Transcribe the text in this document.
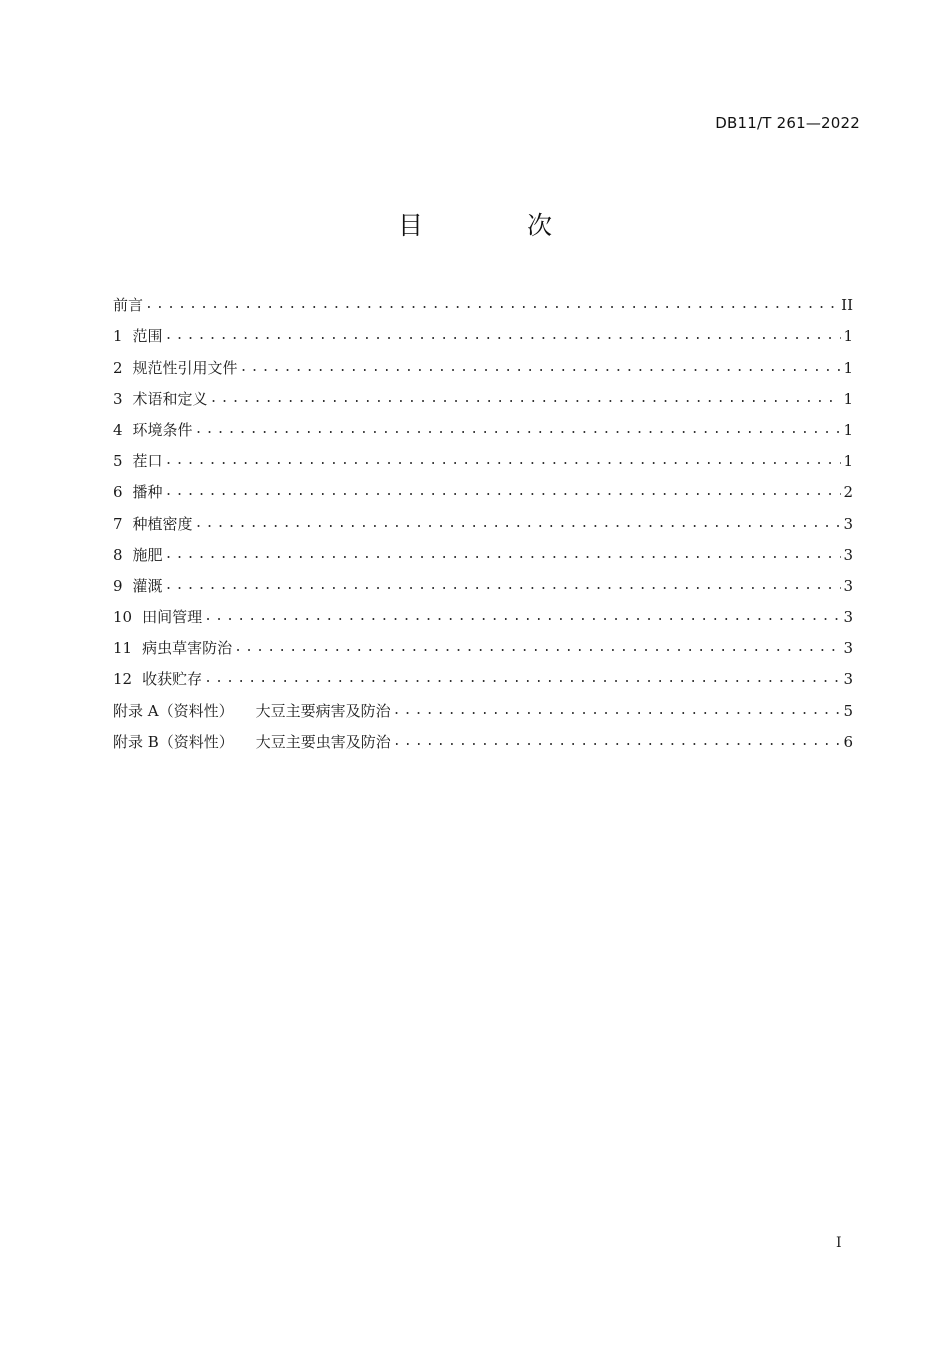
DB11/T 261—2022
目 次
前言 .....	II
1 范围 .....	1
2 规范性引用文件 .....	1
3 术语和定义 .....	1
4 环境条件 .....	1
5 茬口 .....	1
6 播种 .....	2
7 种植密度 .....	3
8 施肥 .....	3
9 灌溉 .....	3
10 田间管理 .....	3
11 病虫草害防治 .....	3
12 收获贮存 .....	3
附录 A（资料性） 大豆主要病害及防治 .....	5
附录 B（资料性） 大豆主要虫害及防治 .....	6
I
